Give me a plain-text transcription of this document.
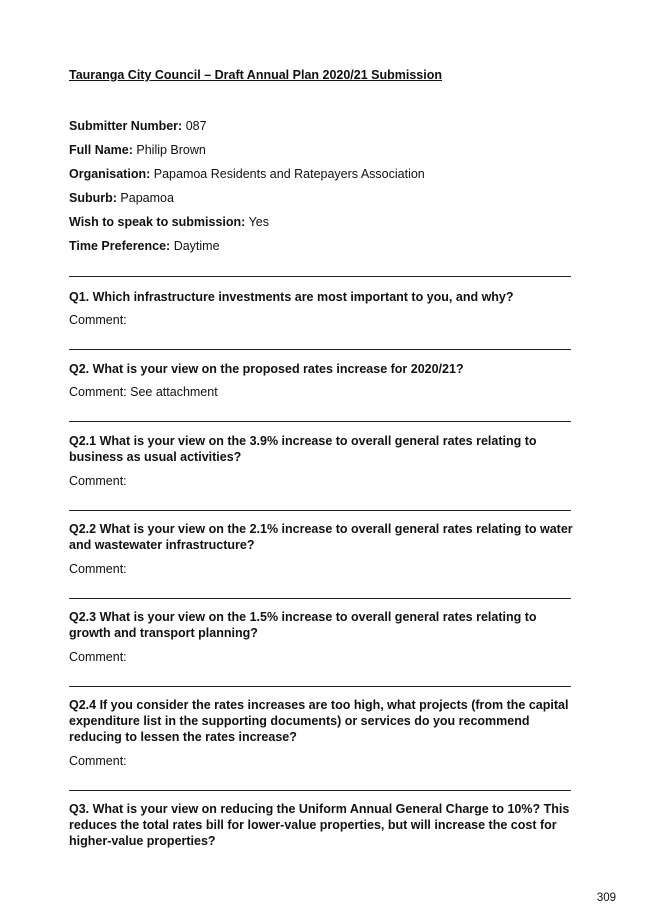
Tauranga City Council – Draft Annual Plan 2020/21 Submission
Submitter Number: 087
Full Name: Philip Brown
Organisation: Papamoa Residents and Ratepayers Association
Suburb: Papamoa
Wish to speak to submission: Yes
Time Preference: Daytime
Q1. Which infrastructure investments are most important to you, and why?
Comment:
Q2. What is your view on the proposed rates increase for 2020/21?
Comment: See attachment
Q2.1 What is your view on the 3.9% increase to overall general rates relating to business as usual activities?
Comment:
Q2.2 What is your view on the 2.1% increase to overall general rates relating to water and wastewater infrastructure?
Comment:
Q2.3 What is your view on the 1.5% increase to overall general rates relating to growth and transport planning?
Comment:
Q2.4 If you consider the rates increases are too high, what projects (from the capital expenditure list in the supporting documents) or services do you recommend reducing to lessen the rates increase?
Comment:
Q3. What is your view on reducing the Uniform Annual General Charge to 10%? This reduces the total rates bill for lower-value properties, but will increase the cost for higher-value properties?
309
